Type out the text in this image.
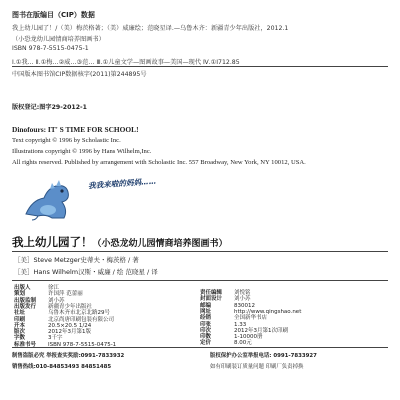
图书在版编目（CIP）数据
我上幼儿园了！/（美）梅茨格著；（美）威廉绘；范晓星译.—乌鲁木齐：新疆青少年出版社，2012.1
（小恐龙幼儿园情商培养图画书）
ISBN 978-7-5515-0475-1
Ⅰ.①我… Ⅱ.①梅…②威…③范… Ⅲ.①儿童文学—图画故事—美国—现代 Ⅳ.①I712.85
中国版本图书馆CIP数据核字(2011)第244895号
版权登记:图字29-2012-1
Dinofours: IT' S TIME FOR SCHOOL!
Text copyright © 1996 by Scholastic Inc.
Illustrations copyright © 1996 by Hans Wilhelm,Inc.
All rights reserved. Published by arrangement with Scholastic Inc. 557 Broadway, New York, NY 10012, USA.
我我来啦的妈妈……
我上幼儿园了！（小恐龙幼儿园情商培养图画书）
［美］Steve Metzger史蒂夫・梅茨格 / 著
［美］Hans Wilhelm汉斯・威廉 / 绘 范晓星 / 译
出版人	徐江
策划	许国萍 范蕾丽
出版监制 刘小苏
出版发行 新疆青少年出版社
社址	乌鲁木齐市北京北路29号
印刷	北京尚唐印刷包装有限公司
开本	20.5×20.5 1/24
版次	2012年3月第1版
字数	3千字
标准书号 ISBN 978-7-5515-0475-1
责任编辑 刘悦铭
封面设计 刘小苏
邮编	830012
网址	http://www.qingshao.net
经销	全国新华书店
印张	1.33
印次	2012年3月第1次印刷
印数	1-10000册
定价	8.00元
制售盗版必究 举报查实奖励:0991-7833932	版权保护办公室举报电话: 0991-7833927
销售热线:010-84853493 84851485	如有印刷装订质量问题 印刷厂负责掉换
